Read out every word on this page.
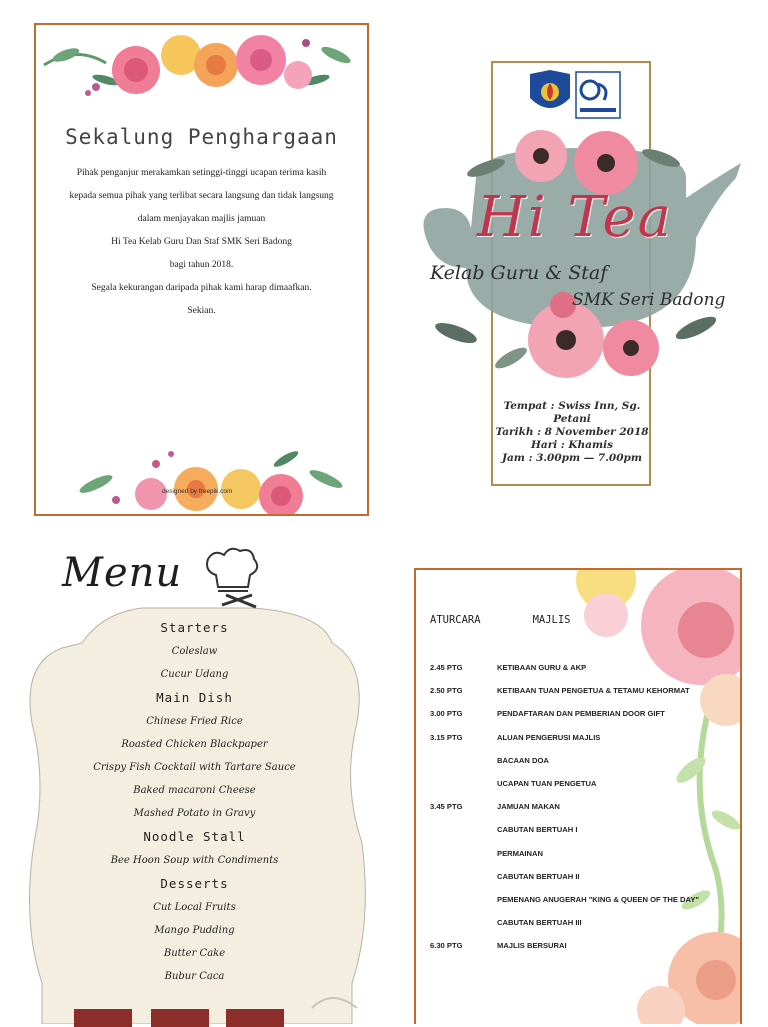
Sekalung Penghargaan

Pihak penganjur merakamkan setinggi-tinggi ucapan terima kasih

kepada semua pihak yang terlibat secara langsung dan tidak langsung

dalam menjayakan majlis jamuan

Hi Tea Kelab Guru Dan Staf SMK Seri Badong

bagi tahun 2018.

Segala kekurangan daripada pihak kami harap dimaafkan.

Sekian.

designed by freepik.com
Hi Tea
Kelab Guru & Staf
SMK Seri Badong
Tempat : Swiss Inn, Sg. Petani
Tarikh : 8 November 2018
Hari : Khamis
Jam : 3.00pm — 7.00pm
Menu
Starters
Coleslaw
Cucur Udang
Main Dish
Chinese Fried Rice
Roasted Chicken Blackpaper
Crispy Fish Cocktail with Tartare Sauce
Baked macaroni Cheese
Mashed Potato in Gravy
Noodle Stall
Bee Hoon Soup with Condiments
Desserts
Cut Local Fruits
Mango Pudding
Butter Cake
Bubur Caca
ATURCARA	MAJLIS
2.45 PTG	KETIBAAN GURU & AKP
2.50 PTG	KETIBAAN TUAN PENGETUA & TETAMU KEHORMAT
3.00 PTG	PENDAFTARAN DAN PEMBERIAN DOOR GIFT
3.15 PTG	ALUAN PENGERUSI MAJLIS
BACAAN DOA
UCAPAN TUAN PENGETUA
3.45 PTG	JAMUAN MAKAN
CABUTAN BERTUAH I
PERMAINAN
CABUTAN BERTUAH II
PEMENANG ANUGERAH "KING & QUEEN OF THE DAY"
CABUTAN BERTUAH III
6.30 PTG	MAJLIS BERSURAI
